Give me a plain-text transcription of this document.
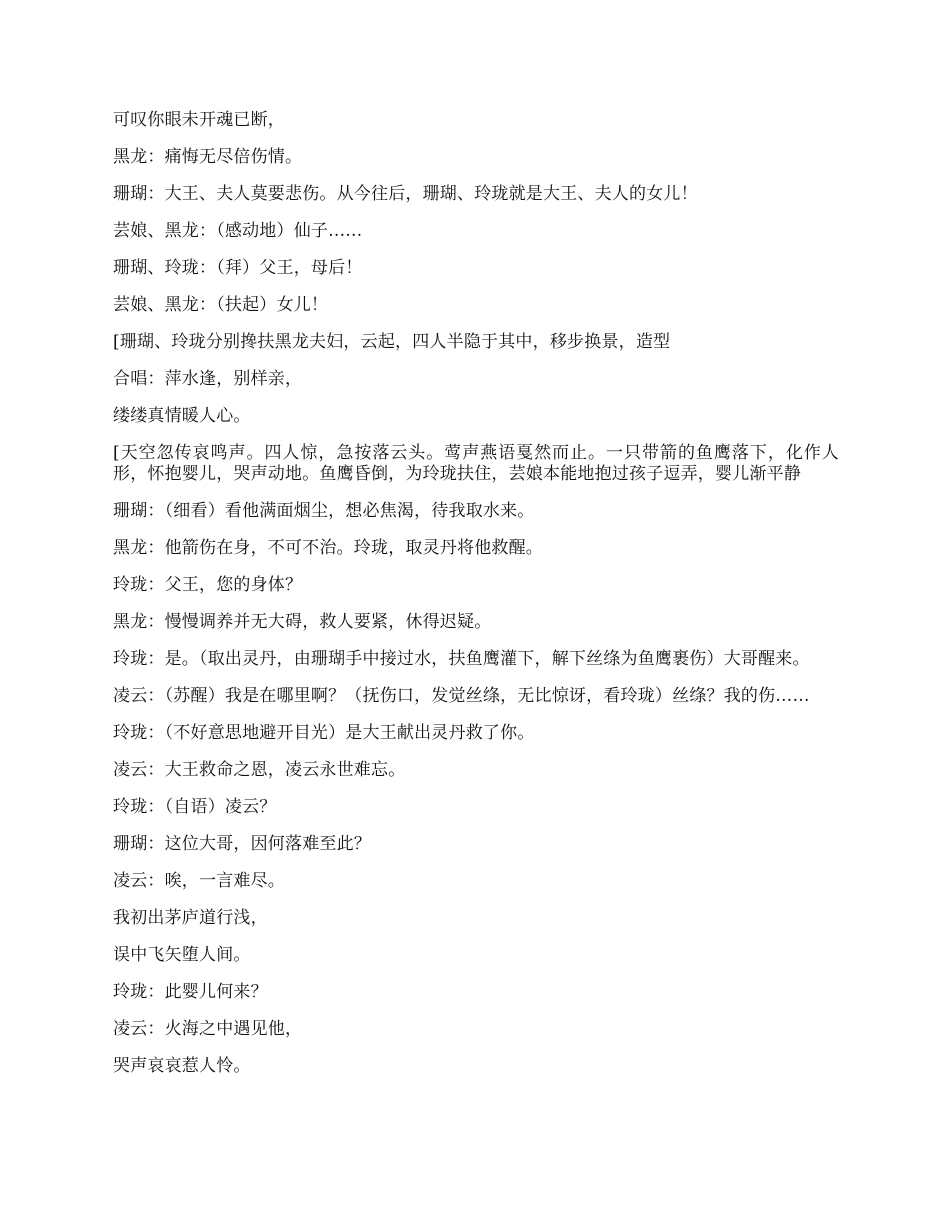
可叹你眼未开魂已断，

黑龙：痛悔无尽倍伤情。

珊瑚：大王、夫人莫要悲伤。从今往后，珊瑚、玲珑就是大王、夫人的女儿！

芸娘、黑龙：（感动地）仙子……

珊瑚、玲珑：（拜）父王，母后！

芸娘、黑龙：（扶起）女儿！

[珊瑚、玲珑分别搀扶黑龙夫妇，云起，四人半隐于其中，移步换景，造型

合唱：萍水逢，别样亲，

缕缕真情暖人心。

[天空忽传哀鸣声。四人惊，急按落云头。莺声燕语戛然而止。一只带箭的鱼鹰落下，化作人形，怀抱婴儿，哭声动地。鱼鹰昏倒，为玲珑扶住，芸娘本能地抱过孩子逗弄，婴儿渐平静

珊瑚：（细看）看他满面烟尘，想必焦渴，待我取水来。

黑龙：他箭伤在身，不可不治。玲珑，取灵丹将他救醒。

玲珑：父王，您的身体？

黑龙：慢慢调养并无大碍，救人要紧，休得迟疑。

玲珑：是。（取出灵丹，由珊瑚手中接过水，扶鱼鹰灌下，解下丝绦为鱼鹰裹伤）大哥醒来。

凌云：（苏醒）我是在哪里啊？（抚伤口，发觉丝绦，无比惊讶，看玲珑）丝绦？我的伤……

玲珑：（不好意思地避开目光）是大王献出灵丹救了你。

凌云：大王救命之恩，凌云永世难忘。

玲珑：（自语）凌云？

珊瑚：这位大哥，因何落难至此？

凌云：唉，一言难尽。

我初出茅庐道行浅，

误中飞矢堕人间。

玲珑：此婴儿何来？

凌云：火海之中遇见他，

哭声哀哀惹人怜。
